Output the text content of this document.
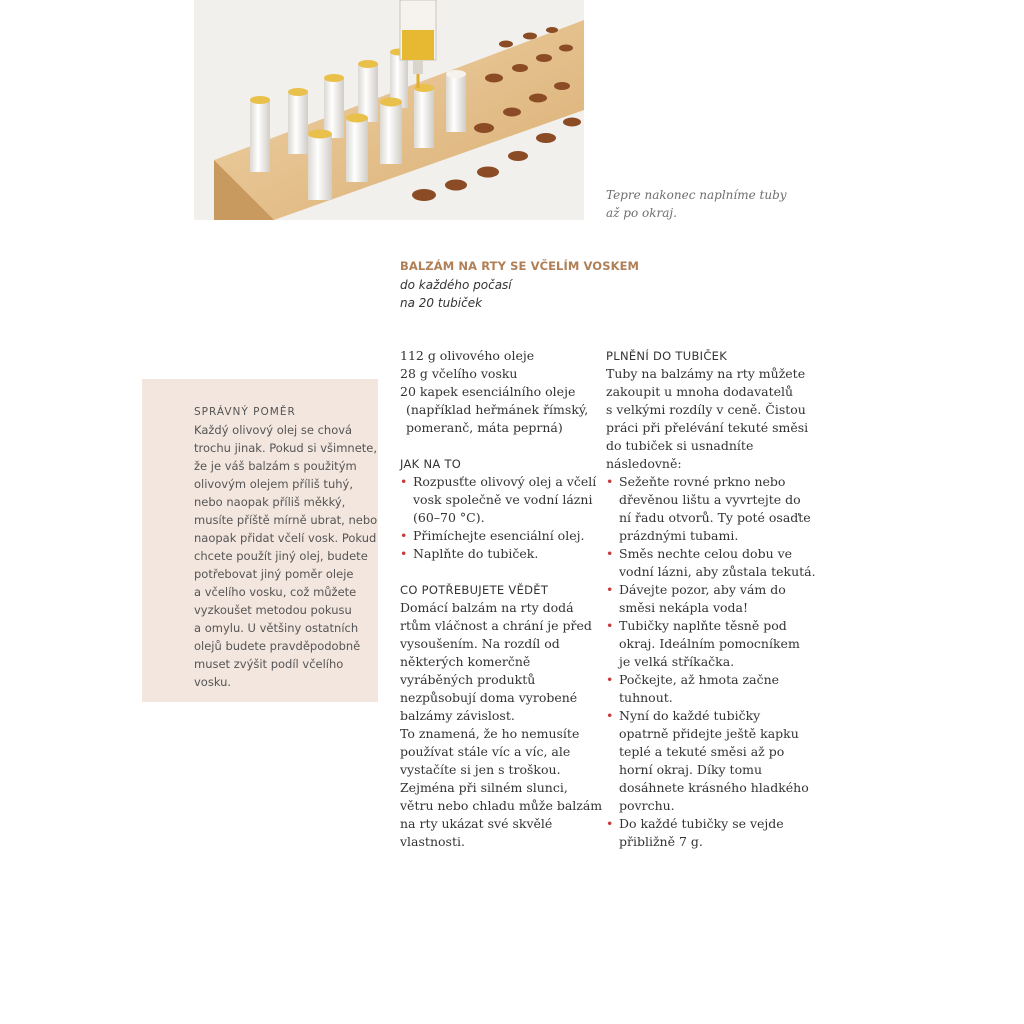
Tepre nakonec naplníme tuby
až po okraj.
BALZÁM NA RTY SE VČELÍM VOSKEM
do každého počasí
na 20 tubiček
SPRÁVNÝ POMĚR
Každý olivový olej se chová
trochu jinak. Pokud si všimnete,
že je váš balzám s použitým
olivovým olejem příliš tuhý,
nebo naopak příliš měkký,
musíte příště mírně ubrat, nebo
naopak přidat včelí vosk. Pokud
chcete použít jiný olej, budete
potřebovat jiný poměr oleje
a včelího vosku, což můžete
vyzkoušet metodou pokusu
a omylu. U většiny ostatních
olejů budete pravděpodobně
muset zvýšit podíl včelího
vosku.
112 g olivového oleje
28 g včelího vosku
20 kapek esenciálního oleje
(například heřmánek římský,
pomeranč, máta peprná)
JAK NA TO
• Rozpusťte olivový olej a včelí
vosk společně ve vodní lázni
(60–70 °C).
• Přimíchejte esenciální olej.
• Naplňte do tubiček.
CO POTŘEBUJETE VĚDĚT
Domácí balzám na rty dodá
rtům vláčnost a chrání je před
vysoušením. Na rozdíl od
některých komerčně
vyráběných produktů
nezpůsobují doma vyrobené
balzámy závislost.
To znamená, že ho nemusíte
používat stále víc a víc, ale
vystačíte si jen s troškou.
Zejména při silném slunci,
větru nebo chladu může balzám
na rty ukázat své skvělé
vlastnosti.
PLNĚNÍ DO TUBIČEK
Tuby na balzámy na rty můžete
zakoupit u mnoha dodavatelů
s velkými rozdíly v ceně. Čistou
práci při přelévání tekuté směsi
do tubiček si usnadníte
následovně:
• Sežeňte rovné prkno nebo
dřevěnou lištu a vyvrtejte do
ní řadu otvorů. Ty poté osaďte
prázdnými tubami.
• Směs nechte celou dobu ve
vodní lázni, aby zůstala tekutá.
• Dávejte pozor, aby vám do
směsi nekápla voda!
• Tubičky naplňte těsně pod
okraj. Ideálním pomocníkem
je velká stříkačka.
• Počkejte, až hmota začne
tuhnout.
• Nyní do každé tubičky
opatrně přidejte ještě kapku
teplé a tekuté směsi až po
horní okraj. Díky tomu
dosáhnete krásného hladkého
povrchu.
• Do každé tubičky se vejde
přibližně 7 g.
